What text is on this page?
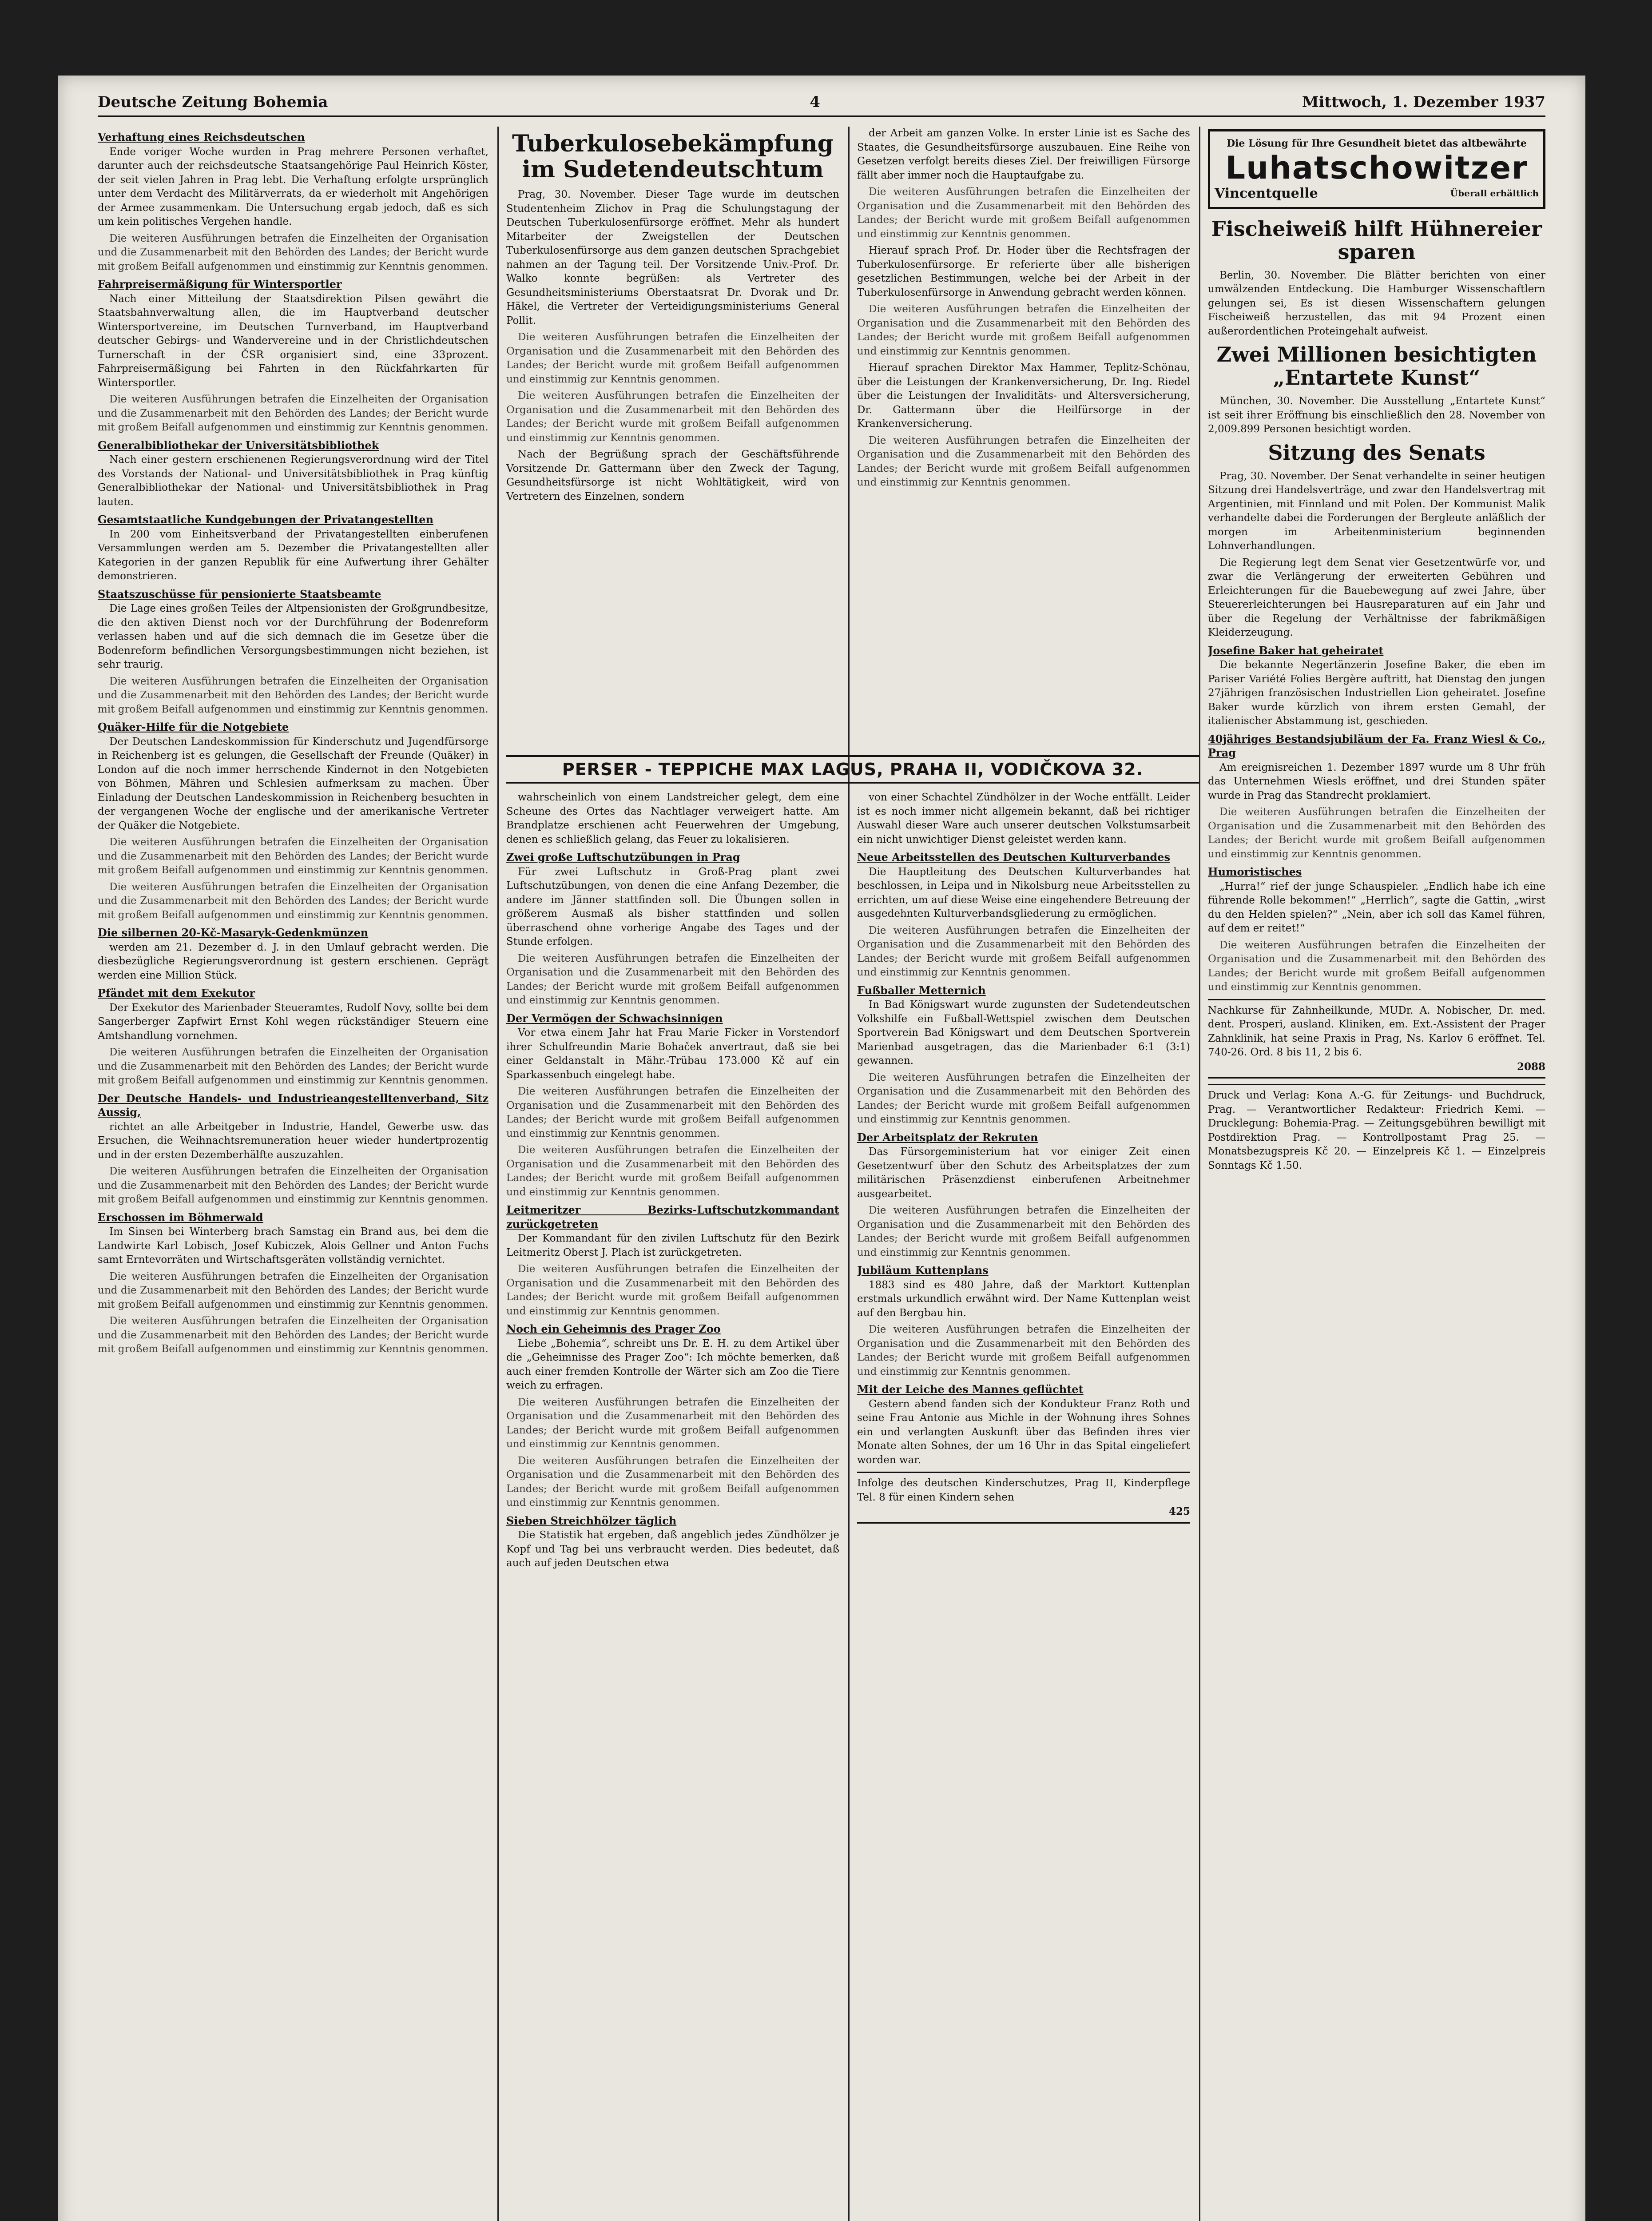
Deutsche Zeitung Bohemia	4	Mittwoch, 1. Dezember 1937
Verhaftung eines Reichsdeutschen

Ende voriger Woche wurden in Prag mehrere Personen verhaftet, darunter auch der reichsdeutsche Staatsangehörige Paul Heinrich Köster, der seit vielen Jahren in Prag lebt. Die Verhaftung erfolgte ursprünglich unter dem Verdacht des Militärverrats, da er wiederholt mit Angehörigen der Armee zusammenkam. Die Untersuchung ergab jedoch, daß es sich um kein politisches Vergehen handle.

Die weiteren Ausführungen betrafen die Einzelheiten der Organisation und die Zusammenarbeit mit den Behörden des Landes; der Bericht wurde mit großem Beifall aufgenommen und einstimmig zur Kenntnis genommen.

Fahrpreisermäßigung für Wintersportler

Nach einer Mitteilung der Staatsdirektion Pilsen gewährt die Staatsbahnverwaltung allen, die im Hauptverband deutscher Wintersportvereine, im Deutschen Turnverband, im Hauptverband deutscher Gebirgs- und Wandervereine und in der Christlichdeutschen Turnerschaft in der ČSR organisiert sind, eine 33prozent. Fahrpreisermäßigung bei Fahrten in den Rückfahrkarten für Wintersportler.

Die weiteren Ausführungen betrafen die Einzelheiten der Organisation und die Zusammenarbeit mit den Behörden des Landes; der Bericht wurde mit großem Beifall aufgenommen und einstimmig zur Kenntnis genommen.

Generalbibliothekar der Universitätsbibliothek

Nach einer gestern erschienenen Regierungsverordnung wird der Titel des Vorstands der National- und Universitätsbibliothek in Prag künftig Generalbibliothekar der National- und Universitätsbibliothek in Prag lauten.

Gesamtstaatliche Kundgebungen der Privatangestellten

In 200 vom Einheitsverband der Privatangestellten einberufenen Versammlungen werden am 5. Dezember die Privatangestellten aller Kategorien in der ganzen Republik für eine Aufwertung ihrer Gehälter demonstrieren.

Staatszuschüsse für pensionierte Staatsbeamte

Die Lage eines großen Teiles der Altpensionisten der Großgrundbesitze, die den aktiven Dienst noch vor der Durchführung der Bodenreform verlassen haben und auf die sich demnach die im Gesetze über die Bodenreform befindlichen Versorgungsbestimmungen nicht beziehen, ist sehr traurig.

Die weiteren Ausführungen betrafen die Einzelheiten der Organisation und die Zusammenarbeit mit den Behörden des Landes; der Bericht wurde mit großem Beifall aufgenommen und einstimmig zur Kenntnis genommen.

Quäker-Hilfe für die Notgebiete

Der Deutschen Landeskommission für Kinderschutz und Jugendfürsorge in Reichenberg ist es gelungen, die Gesellschaft der Freunde (Quäker) in London auf die noch immer herrschende Kindernot in den Notgebieten von Böhmen, Mähren und Schlesien aufmerksam zu machen. Über Einladung der Deutschen Landeskommission in Reichenberg besuchten in der vergangenen Woche der englische und der amerikanische Vertreter der Quäker die Notgebiete.

Die weiteren Ausführungen betrafen die Einzelheiten der Organisation und die Zusammenarbeit mit den Behörden des Landes; der Bericht wurde mit großem Beifall aufgenommen und einstimmig zur Kenntnis genommen.

Die weiteren Ausführungen betrafen die Einzelheiten der Organisation und die Zusammenarbeit mit den Behörden des Landes; der Bericht wurde mit großem Beifall aufgenommen und einstimmig zur Kenntnis genommen.

Die silbernen 20-Kč-Masaryk-Gedenkmünzen

werden am 21. Dezember d. J. in den Umlauf gebracht werden. Die diesbezügliche Regierungsverordnung ist gestern erschienen. Geprägt werden eine Million Stück.

Pfändet mit dem Exekutor

Der Exekutor des Marienbader Steueramtes, Rudolf Novy, sollte bei dem Sangerberger Zapfwirt Ernst Kohl wegen rückständiger Steuern eine Amtshandlung vornehmen.

Die weiteren Ausführungen betrafen die Einzelheiten der Organisation und die Zusammenarbeit mit den Behörden des Landes; der Bericht wurde mit großem Beifall aufgenommen und einstimmig zur Kenntnis genommen.

Der Deutsche Handels- und Industrieangestelltenverband, Sitz Aussig,

richtet an alle Arbeitgeber in Industrie, Handel, Gewerbe usw. das Ersuchen, die Weihnachtsremuneration heuer wieder hundertprozentig und in der ersten Dezemberhälfte auszuzahlen.

Die weiteren Ausführungen betrafen die Einzelheiten der Organisation und die Zusammenarbeit mit den Behörden des Landes; der Bericht wurde mit großem Beifall aufgenommen und einstimmig zur Kenntnis genommen.

Erschossen im Böhmerwald

Im Sinsen bei Winterberg brach Samstag ein Brand aus, bei dem die Landwirte Karl Lobisch, Josef Kubiczek, Alois Gellner und Anton Fuchs samt Erntevorräten und Wirtschaftsgeräten vollständig vernichtet.

Die weiteren Ausführungen betrafen die Einzelheiten der Organisation und die Zusammenarbeit mit den Behörden des Landes; der Bericht wurde mit großem Beifall aufgenommen und einstimmig zur Kenntnis genommen.

Die weiteren Ausführungen betrafen die Einzelheiten der Organisation und die Zusammenarbeit mit den Behörden des Landes; der Bericht wurde mit großem Beifall aufgenommen und einstimmig zur Kenntnis genommen.

Tuberkulosebekämpfung
im Sudetendeutschtum

Prag, 30. November. Dieser Tage wurde im deutschen Studentenheim Zlichov in Prag die Schulungstagung der Deutschen Tuberkulosenfürsorge eröffnet. Mehr als hundert Mitarbeiter der Zweigstellen der Deutschen Tuberkulosenfürsorge aus dem ganzen deutschen Sprachgebiet nahmen an der Tagung teil. Der Vorsitzende Univ.-Prof. Dr. Walko konnte begrüßen: als Vertreter des Gesundheitsministeriums Oberstaatsrat Dr. Dvorak und Dr. Häkel, die Vertreter der Verteidigungsministeriums General Pollit.

Die weiteren Ausführungen betrafen die Einzelheiten der Organisation und die Zusammenarbeit mit den Behörden des Landes; der Bericht wurde mit großem Beifall aufgenommen und einstimmig zur Kenntnis genommen.

Die weiteren Ausführungen betrafen die Einzelheiten der Organisation und die Zusammenarbeit mit den Behörden des Landes; der Bericht wurde mit großem Beifall aufgenommen und einstimmig zur Kenntnis genommen.

Nach der Begrüßung sprach der Geschäftsführende Vorsitzende Dr. Gattermann über den Zweck der Tagung, Gesundheitsfürsorge ist nicht Wohltätigkeit, wird von Vertretern des Einzelnen, sondern

der Arbeit am ganzen Volke. In erster Linie ist es Sache des Staates, die Gesundheitsfürsorge auszubauen. Eine Reihe von Gesetzen verfolgt bereits dieses Ziel. Der freiwilligen Fürsorge fällt aber immer noch die Hauptaufgabe zu.

Die weiteren Ausführungen betrafen die Einzelheiten der Organisation und die Zusammenarbeit mit den Behörden des Landes; der Bericht wurde mit großem Beifall aufgenommen und einstimmig zur Kenntnis genommen.

Hierauf sprach Prof. Dr. Hoder über die Rechtsfragen der Tuberkulosenfürsorge. Er referierte über alle bisherigen gesetzlichen Bestimmungen, welche bei der Arbeit in der Tuberkulosenfürsorge in Anwendung gebracht werden können.

Die weiteren Ausführungen betrafen die Einzelheiten der Organisation und die Zusammenarbeit mit den Behörden des Landes; der Bericht wurde mit großem Beifall aufgenommen und einstimmig zur Kenntnis genommen.

Hierauf sprachen Direktor Max Hammer, Teplitz-Schönau, über die Leistungen der Krankenversicherung, Dr. Ing. Riedel über die Leistungen der Invaliditäts- und Altersversicherung, Dr. Gattermann über die Heilfürsorge in der Krankenversicherung.

Die weiteren Ausführungen betrafen die Einzelheiten der Organisation und die Zusammenarbeit mit den Behörden des Landes; der Bericht wurde mit großem Beifall aufgenommen und einstimmig zur Kenntnis genommen.

PERSER - TEPPICHE MAX LAGUS, PRAHA II, VODIČKOVA 32.

wahrscheinlich von einem Landstreicher gelegt, dem eine Scheune des Ortes das Nachtlager verweigert hatte. Am Brandplatze erschienen acht Feuerwehren der Umgebung, denen es schließlich gelang, das Feuer zu lokalisieren.

Zwei große Luftschutzübungen in Prag

Für zwei Luftschutz in Groß-Prag plant zwei Luftschutzübungen, von denen die eine Anfang Dezember, die andere im Jänner stattfinden soll. Die Übungen sollen in größerem Ausmaß als bisher stattfinden und sollen überraschend ohne vorherige Angabe des Tages und der Stunde erfolgen.

Die weiteren Ausführungen betrafen die Einzelheiten der Organisation und die Zusammenarbeit mit den Behörden des Landes; der Bericht wurde mit großem Beifall aufgenommen und einstimmig zur Kenntnis genommen.

Der Vermögen der Schwachsinnigen

Vor etwa einem Jahr hat Frau Marie Ficker in Vorstendorf ihrer Schulfreundin Marie Bohaček anvertraut, daß sie bei einer Geldanstalt in Mähr.-Trübau 173.000 Kč auf ein Sparkassenbuch eingelegt habe.

Die weiteren Ausführungen betrafen die Einzelheiten der Organisation und die Zusammenarbeit mit den Behörden des Landes; der Bericht wurde mit großem Beifall aufgenommen und einstimmig zur Kenntnis genommen.

Die weiteren Ausführungen betrafen die Einzelheiten der Organisation und die Zusammenarbeit mit den Behörden des Landes; der Bericht wurde mit großem Beifall aufgenommen und einstimmig zur Kenntnis genommen.

Leitmeritzer Bezirks-Luftschutzkommandant zurückgetreten

Der Kommandant für den zivilen Luftschutz für den Bezirk Leitmeritz Oberst J. Plach ist zurückgetreten.

Die weiteren Ausführungen betrafen die Einzelheiten der Organisation und die Zusammenarbeit mit den Behörden des Landes; der Bericht wurde mit großem Beifall aufgenommen und einstimmig zur Kenntnis genommen.

Noch ein Geheimnis des Prager Zoo

Liebe „Bohemia“, schreibt uns Dr. E. H. zu dem Artikel über die „Geheimnisse des Prager Zoo“: Ich möchte bemerken, daß auch einer fremden Kontrolle der Wärter sich am Zoo die Tiere weich zu erfragen.

Die weiteren Ausführungen betrafen die Einzelheiten der Organisation und die Zusammenarbeit mit den Behörden des Landes; der Bericht wurde mit großem Beifall aufgenommen und einstimmig zur Kenntnis genommen.

Die weiteren Ausführungen betrafen die Einzelheiten der Organisation und die Zusammenarbeit mit den Behörden des Landes; der Bericht wurde mit großem Beifall aufgenommen und einstimmig zur Kenntnis genommen.

Sieben Streichhölzer täglich

Die Statistik hat ergeben, daß angeblich jedes Zündhölzer je Kopf und Tag bei uns verbraucht werden. Dies bedeutet, daß auch auf jeden Deutschen etwa

von einer Schachtel Zündhölzer in der Woche entfällt. Leider ist es noch immer nicht allgemein bekannt, daß bei richtiger Auswahl dieser Ware auch unserer deutschen Volkstumsarbeit ein nicht unwichtiger Dienst geleistet werden kann.

Neue Arbeitsstellen des Deutschen Kulturverbandes

Die Hauptleitung des Deutschen Kulturverbandes hat beschlossen, in Leipa und in Nikolsburg neue Arbeitsstellen zu errichten, um auf diese Weise eine eingehendere Betreuung der ausgedehnten Kulturverbandsgliederung zu ermöglichen.

Die weiteren Ausführungen betrafen die Einzelheiten der Organisation und die Zusammenarbeit mit den Behörden des Landes; der Bericht wurde mit großem Beifall aufgenommen und einstimmig zur Kenntnis genommen.

Fußballer Metternich

In Bad Königswart wurde zugunsten der Sudetendeutschen Volkshilfe ein Fußball-Wettspiel zwischen dem Deutschen Sportverein Bad Königswart und dem Deutschen Sportverein Marienbad ausgetragen, das die Marienbader 6:1 (3:1) gewannen.

Die weiteren Ausführungen betrafen die Einzelheiten der Organisation und die Zusammenarbeit mit den Behörden des Landes; der Bericht wurde mit großem Beifall aufgenommen und einstimmig zur Kenntnis genommen.

Der Arbeitsplatz der Rekruten

Das Fürsorgeministerium hat vor einiger Zeit einen Gesetzentwurf über den Schutz des Arbeitsplatzes der zum militärischen Präsenzdienst einberufenen Arbeitnehmer ausgearbeitet.

Die weiteren Ausführungen betrafen die Einzelheiten der Organisation und die Zusammenarbeit mit den Behörden des Landes; der Bericht wurde mit großem Beifall aufgenommen und einstimmig zur Kenntnis genommen.

Jubiläum Kuttenplans

1883 sind es 480 Jahre, daß der Marktort Kuttenplan erstmals urkundlich erwähnt wird. Der Name Kuttenplan weist auf den Bergbau hin.

Die weiteren Ausführungen betrafen die Einzelheiten der Organisation und die Zusammenarbeit mit den Behörden des Landes; der Bericht wurde mit großem Beifall aufgenommen und einstimmig zur Kenntnis genommen.

Mit der Leiche des Mannes geflüchtet

Gestern abend fanden sich der Kondukteur Franz Roth und seine Frau Antonie aus Michle in der Wohnung ihres Sohnes ein und verlangten Auskunft über das Befinden ihres vier Monate alten Sohnes, der um 16 Uhr in das Spital eingeliefert worden war.

Infolge des deutschen Kinderschutzes, Prag II, Kinderpflege Tel. 8 für einen Kindern sehen
425
Die Lösung für Ihre Gesundheit bietet das altbewährte
Luhatschowitzer
Vincentquelle	Überall erhältlich
Fischeiweiß hilft Hühnereier
sparen

Berlin, 30. November. Die Blätter berichten von einer umwälzenden Entdeckung. Die Hamburger Wissenschaftlern gelungen sei, Es ist diesen Wissenschaftern gelungen Fischeiweiß herzustellen, das mit 94 Prozent einen außerordentlichen Proteingehalt aufweist.

Zwei Millionen besichtigten
„Entartete Kunst“

München, 30. November. Die Ausstellung „Entartete Kunst“ ist seit ihrer Eröffnung bis einschließlich den 28. November von 2,009.899 Personen besichtigt worden.

Sitzung des Senats

Prag, 30. November. Der Senat verhandelte in seiner heutigen Sitzung drei Handelsverträge, und zwar den Handelsvertrag mit Argentinien, mit Finnland und mit Polen. Der Kommunist Malik verhandelte dabei die Forderungen der Bergleute anläßlich der morgen im Arbeitenministerium beginnenden Lohnverhandlungen.

Die Regierung legt dem Senat vier Gesetzentwürfe vor, und zwar die Verlängerung der erweiterten Gebühren und Erleichterungen für die Bauebewegung auf zwei Jahre, über Steuererleichterungen bei Hausreparaturen auf ein Jahr und über die Regelung der Verhältnisse der fabrikmäßigen Kleiderzeugung.

Josefine Baker hat geheiratet

Die bekannte Negertänzerin Josefine Baker, die eben im Pariser Variété Folies Bergère auftritt, hat Dienstag den jungen 27jährigen französischen Industriellen Lion geheiratet. Josefine Baker wurde kürzlich von ihrem ersten Gemahl, der italienischer Abstammung ist, geschieden.

40jähriges Bestandsjubiläum der Fa. Franz Wiesl & Co., Prag

Am ereignisreichen 1. Dezember 1897 wurde um 8 Uhr früh das Unternehmen Wiesls eröffnet, und drei Stunden später wurde in Prag das Standrecht proklamiert.

Die weiteren Ausführungen betrafen die Einzelheiten der Organisation und die Zusammenarbeit mit den Behörden des Landes; der Bericht wurde mit großem Beifall aufgenommen und einstimmig zur Kenntnis genommen.

Humoristisches

„Hurra!“ rief der junge Schauspieler. „Endlich habe ich eine führende Rolle bekommen!“ „Herrlich“, sagte die Gattin, „wirst du den Helden spielen?“ „Nein, aber ich soll das Kamel führen, auf dem er reitet!“

Die weiteren Ausführungen betrafen die Einzelheiten der Organisation und die Zusammenarbeit mit den Behörden des Landes; der Bericht wurde mit großem Beifall aufgenommen und einstimmig zur Kenntnis genommen.

Nachkurse für Zahnheilkunde, MUDr. A. Nobischer, Dr. med. dent. Prosperi, ausland. Kliniken, em. Ext.-Assistent der Prager Zahnklinik, hat seine Praxis in Prag, Ns. Karlov 6 eröffnet. Tel. 740-26. Ord. 8 bis 11, 2 bis 6.
2088
Druck und Verlag: Kona A.-G. für Zeitungs- und Buchdruck, Prag. — Verantwortlicher Redakteur: Friedrich Kemi. — Drucklegung: Bohemia-Prag. — Zeitungsgebühren bewilligt mit Postdirektion Prag. — Kontrollpostamt Prag 25. — Monatsbezugspreis Kč 20. — Einzelpreis Kč 1. — Einzelpreis Sonntags Kč 1.50.
